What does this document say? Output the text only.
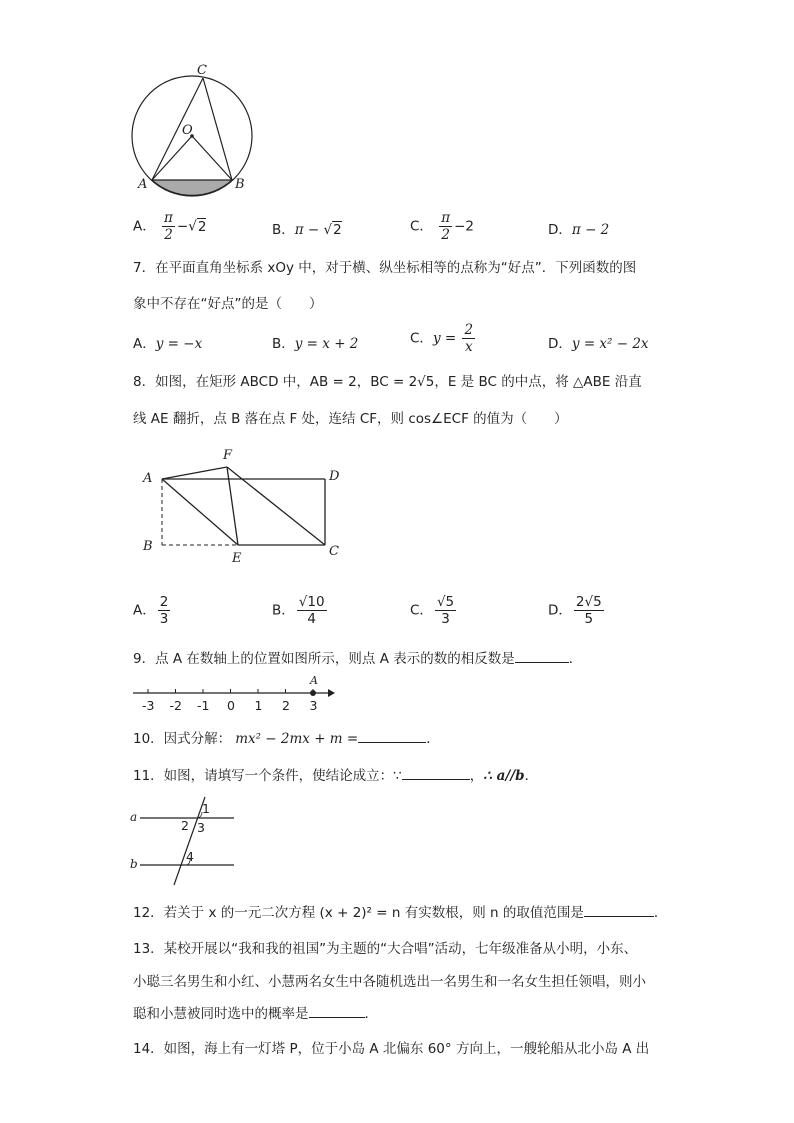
C
O
A	B
A． $\frac{\pi}{2} -√2$	B．π − √2	C． $\frac{\pi}{2} -2$	D．π − 2
7．在平面直角坐标系 xOy 中，对于横、纵坐标相等的点称为“好点”．下列函数的图
象中不存在“好点”的是（　　）
A．y = −x	B．y = x + 2	C．$y = \frac{2}{x}$	D．y = x² − 2x
8．如图，在矩形 ABCD 中，AB = 2，BC = 2√5，E 是 BC 的中点，将 △ABE 沿直
线 AE 翻折，点 B 落在点 F 处，连结 CF，则 cos∠ECF 的值为（　　）
A
F
D
B
E	C
A． $\frac{2}{3}$	B． $\frac{√10}{4}$	C． $\frac{√5}{3}$	D． $\frac{2√5}{5}$
9．点 A 在数轴上的位置如图所示，则点 A 表示的数的相反数是	．
-3 -2 -1 0 1 2 3
A
10．因式分解： mx² − 2mx + m =	．
11．如图，请填写一个条件，使结论成立：∵	，∴ a//b．
a
b
1
2 3
4
12．若关于 x 的一元二次方程 (x + 2)² = n 有实数根，则 n 的取值范围是	．
13．某校开展以“我和我的祖国”为主题的“大合唱”活动，七年级准备从小明，小东、
小聪三名男生和小红、小慧两名女生中各随机选出一名男生和一名女生担任领唱，则小
聪和小慧被同时选中的概率是	．
14．如图，海上有一灯塔 P，位于小岛 A 北偏东 60° 方向上，一艘轮船从北小岛 A 出
